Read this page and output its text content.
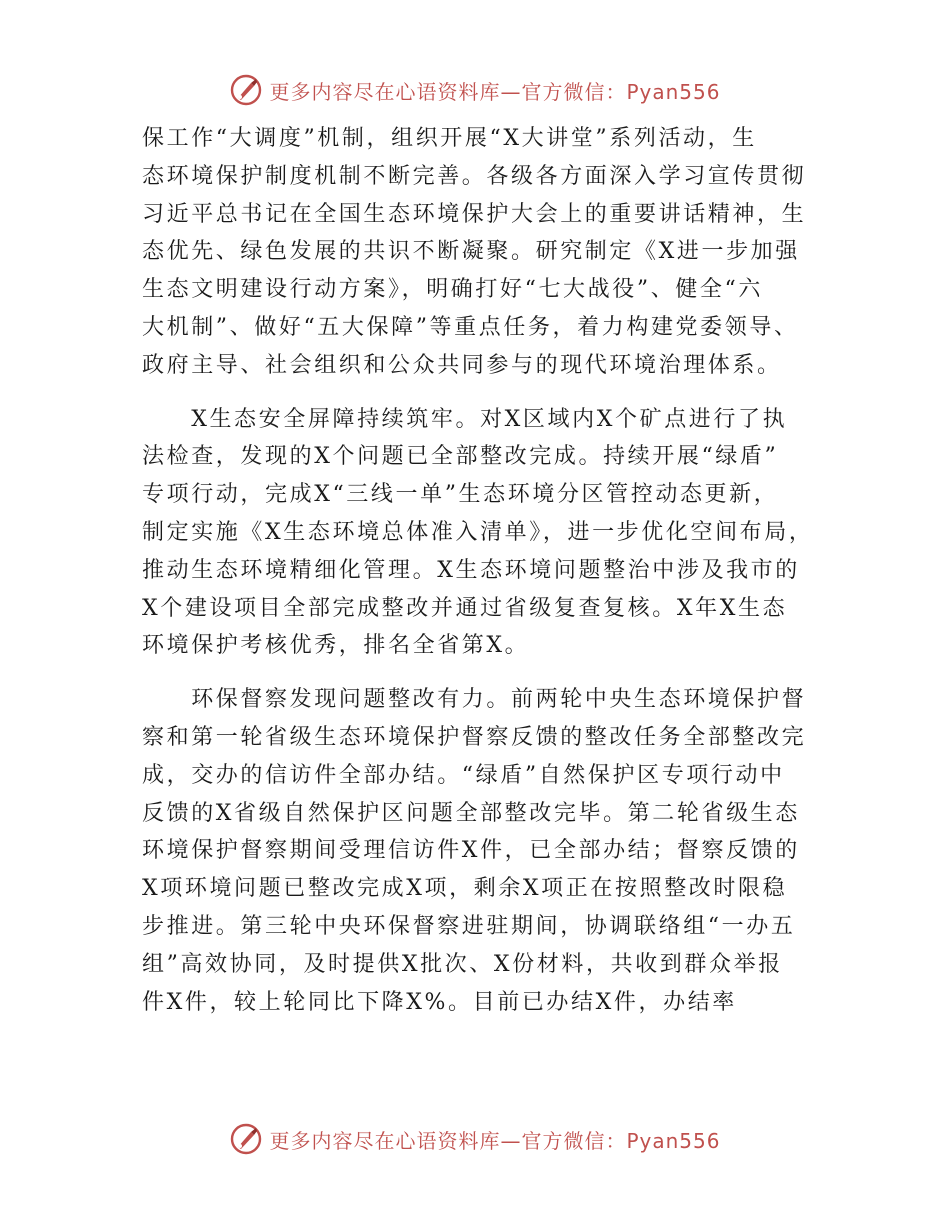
更多内容尽在心语资料库—官方微信：Pyan556
保工作“大调度”机制，组织开展“X大讲堂”系列活动，生
态环境保护制度机制不断完善。各级各方面深入学习宣传贯彻
习近平总书记在全国生态环境保护大会上的重要讲话精神，生
态优先、绿色发展的共识不断凝聚。研究制定《X进一步加强
生态文明建设行动方案》，明确打好“七大战役”、健全“六
大机制”、做好“五大保障”等重点任务，着力构建党委领导、
政府主导、社会组织和公众共同参与的现代环境治理体系。
　　X生态安全屏障持续筑牢。对X区域内X个矿点进行了执
法检查，发现的X个问题已全部整改完成。持续开展“绿盾”
专项行动，完成X“三线一单”生态环境分区管控动态更新，
制定实施《X生态环境总体准入清单》，进一步优化空间布局，
推动生态环境精细化管理。X生态环境问题整治中涉及我市的
X个建设项目全部完成整改并通过省级复查复核。X年X生态
环境保护考核优秀，排名全省第X。
　　环保督察发现问题整改有力。前两轮中央生态环境保护督
察和第一轮省级生态环境保护督察反馈的整改任务全部整改完
成，交办的信访件全部办结。“绿盾”自然保护区专项行动中
反馈的X省级自然保护区问题全部整改完毕。第二轮省级生态
环境保护督察期间受理信访件X件，已全部办结；督察反馈的
X项环境问题已整改完成X项，剩余X项正在按照整改时限稳
步推进。第三轮中央环保督察进驻期间，协调联络组“一办五
组”高效协同，及时提供X批次、X份材料，共收到群众举报
件X件，较上轮同比下降X%。目前已办结X件，办结率
更多内容尽在心语资料库—官方微信：Pyan556
